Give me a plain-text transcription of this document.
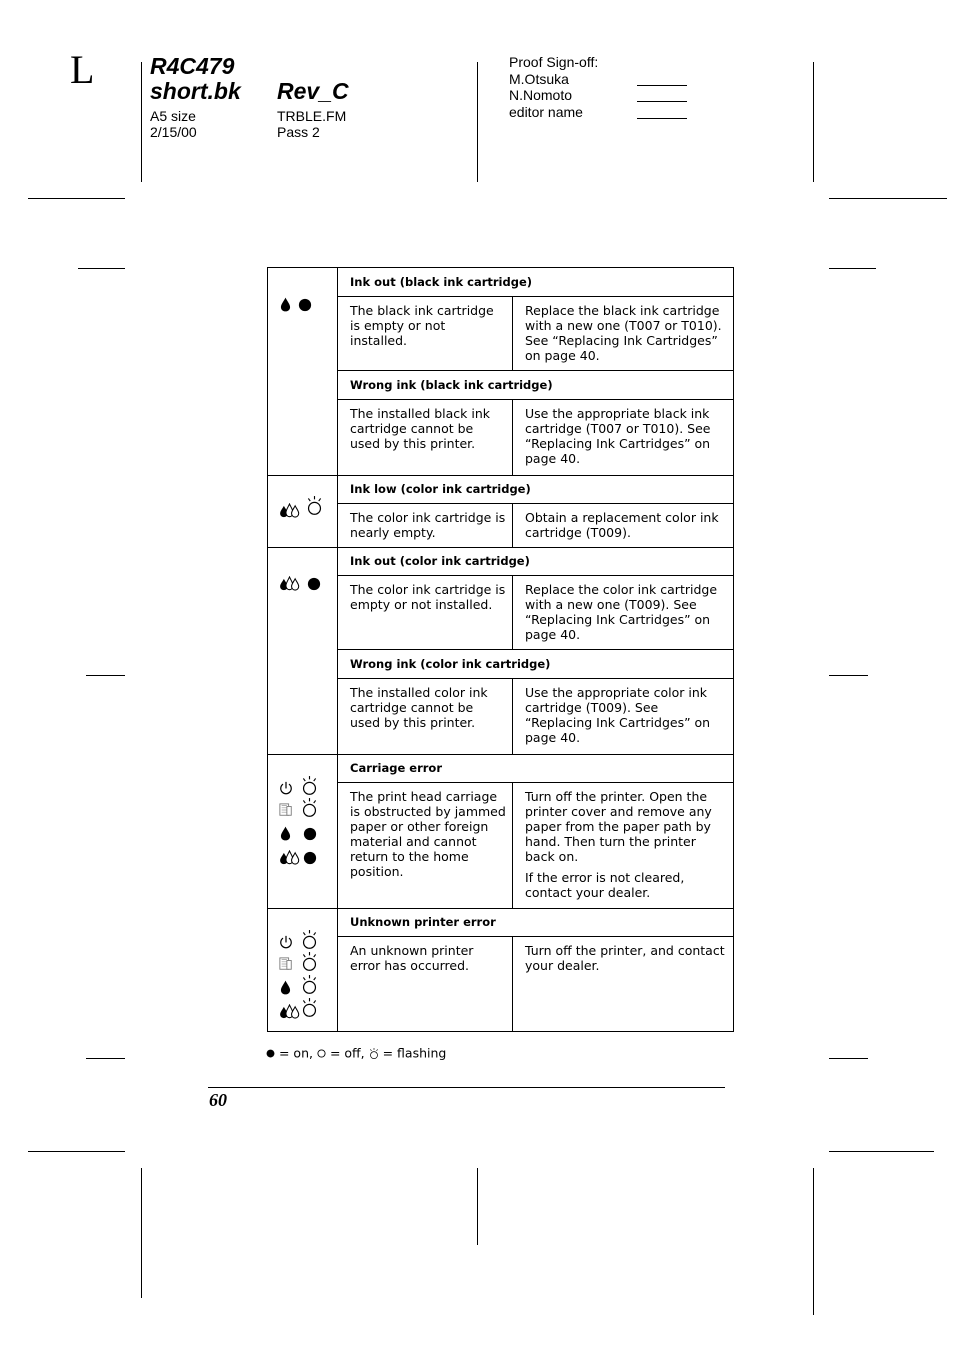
L R4C479
short.bk Rev_C
A5 size
2/15/00
TRBLE.FM
Pass 2
Proof Sign-off:
M.Otsuka
N.Nomoto
editor name
Ink out (black ink cartridge)
The black ink cartridge is empty or not installed.
Replace the black ink cartridge with a new one (T007 or T010). See “Replacing Ink Cartridges” on page 40.
Wrong ink (black ink cartridge)
The installed black ink cartridge cannot be used by this printer.
Use the appropriate black ink cartridge (T007 or T010). See “Replacing Ink Cartridges” on page 40.
Ink low (color ink cartridge)
The color ink cartridge is nearly empty.
Obtain a replacement color ink cartridge (T009).
Ink out (color ink cartridge)
The color ink cartridge is empty or not installed.
Replace the color ink cartridge with a new one (T009). See “Replacing Ink Cartridges” on page 40.
Wrong ink (color ink cartridge)
The installed color ink cartridge cannot be used by this printer.
Use the appropriate color ink cartridge (T009). See “Replacing Ink Cartridges” on page 40.
Carriage error
The print head carriage is obstructed by jammed paper or other foreign material and cannot return to the home position.
Turn off the printer. Open the printer cover and remove any paper from the paper path by hand. Then turn the printer back on.
If the error is not cleared, contact your dealer.
Unknown printer error
An unknown printer error has occurred.
Turn off the printer, and contact your dealer.
= on, = off, = flashing
60
